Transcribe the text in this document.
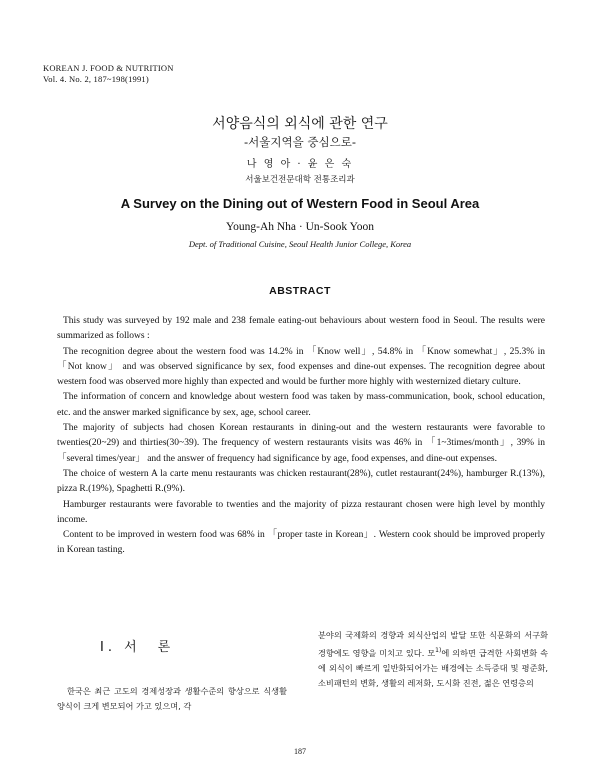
KOREAN J. FOOD & NUTRITION
Vol. 4. No. 2, 187~198(1991)
서양음식의 외식에 관한 연구
-서울지역을 중심으로-
나 영 아 · 윤 은 숙
서울보건전문대학 전통조리과
A Survey on the Dining out of Western Food in Seoul Area
Young-Ah Nha · Un-Sook Yoon
Dept. of Traditional Cuisine, Seoul Health Junior College, Korea
ABSTRACT

This study was surveyed by 192 male and 238 female eating-out behaviours about western food in Seoul. The results were summarized as follows :

The recognition degree about the western food was 14.2% in 「Know well」, 54.8% in 「Know somewhat」, 25.3% in 「Not know」 and was observed significance by sex, food expenses and dine-out expenses. The recognition degree about western food was observed more highly than expected and would be further more highly with westernized dietary culture.

The information of concern and knowledge about western food was taken by mass-communication, book, school education, etc. and the answer marked significance by sex, age, school career.

The majority of subjects had chosen Korean restaurants in dining-out and the western restaurants were favorable to twenties(20~29) and thirties(30~39). The frequency of western restaurants visits was 46% in 「1~3times/month」, 39% in 「several times/year」 and the answer of frequency had significance by age, food expenses, and dine-out expenses.

The choice of western A la carte menu restaurants was chicken restaurant(28%), cutlet restaurant(24%), hamburger R.(13%), pizza R.(19%), Spaghetti R.(9%).

Hamburger restaurants were favorable to twenties and the majority of pizza restaurant chosen were high level by monthly income.

Content to be improved in western food was 68% in 「proper taste in Korean」. Western cook should be improved properly in Korean tasting.

Ⅰ. 서　론

한국은 최근 고도의 경제성장과 생활수준의 향상으로 식생활 양식이 크게 변모되어 가고 있으며, 각

분야의 국제화의 경향과 외식산업의 발달 또한 식문화의 서구화 경향에도 영향을 미치고 있다. 모$^{1)}$에 의하면 급격한 사회변화 속에 외식이 빠르게 일반화되어가는 배경에는 소득증대 및 평준화, 소비패턴의 변화, 생활의 레저화, 도시화 진전, 젊은 연령층의

187
